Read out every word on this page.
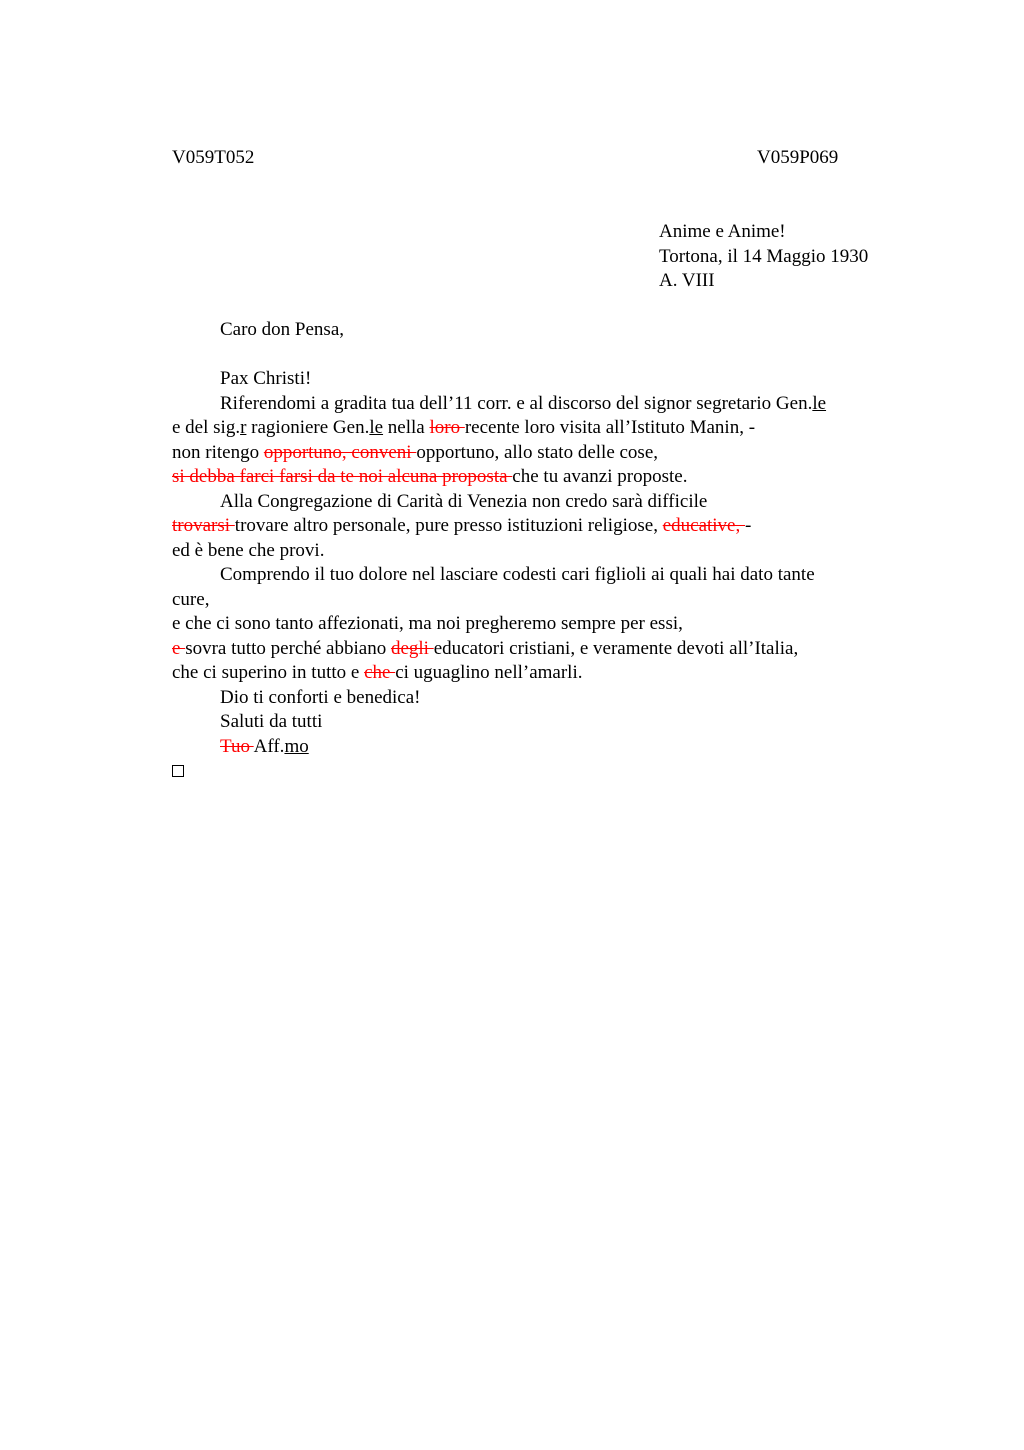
V059T052	V059P069
Anime e Anime!
Tortona, il 14 Maggio 1930
A. VIII
Caro don Pensa,
Pax Christi!
Riferendomi a gradita tua dell’11 corr. e al discorso del signor segretario Gen.le
e del sig.r ragioniere Gen.le nella loro recente loro visita all’Istituto Manin, -
non ritengo opportuno, conveni opportuno, allo stato delle cose,
si debba farci farsi da te noi alcuna proposta che tu avanzi proposte.
Alla Congregazione di Carità di Venezia non credo sarà difficile
trovarsi trovare altro personale, pure presso istituzioni religiose, educative, -
ed è bene che provi.
Comprendo il tuo dolore nel lasciare codesti cari figlioli ai quali hai dato tante
cure,
e che ci sono tanto affezionati, ma noi pregheremo sempre per essi,
e sovra tutto perché abbiano degli educatori cristiani, e veramente devoti all’Italia,
che ci superino in tutto e che ci uguaglino nell’amarli.
Dio ti conforti e benedica!
Saluti da tutti
Tuo Aff.mo
